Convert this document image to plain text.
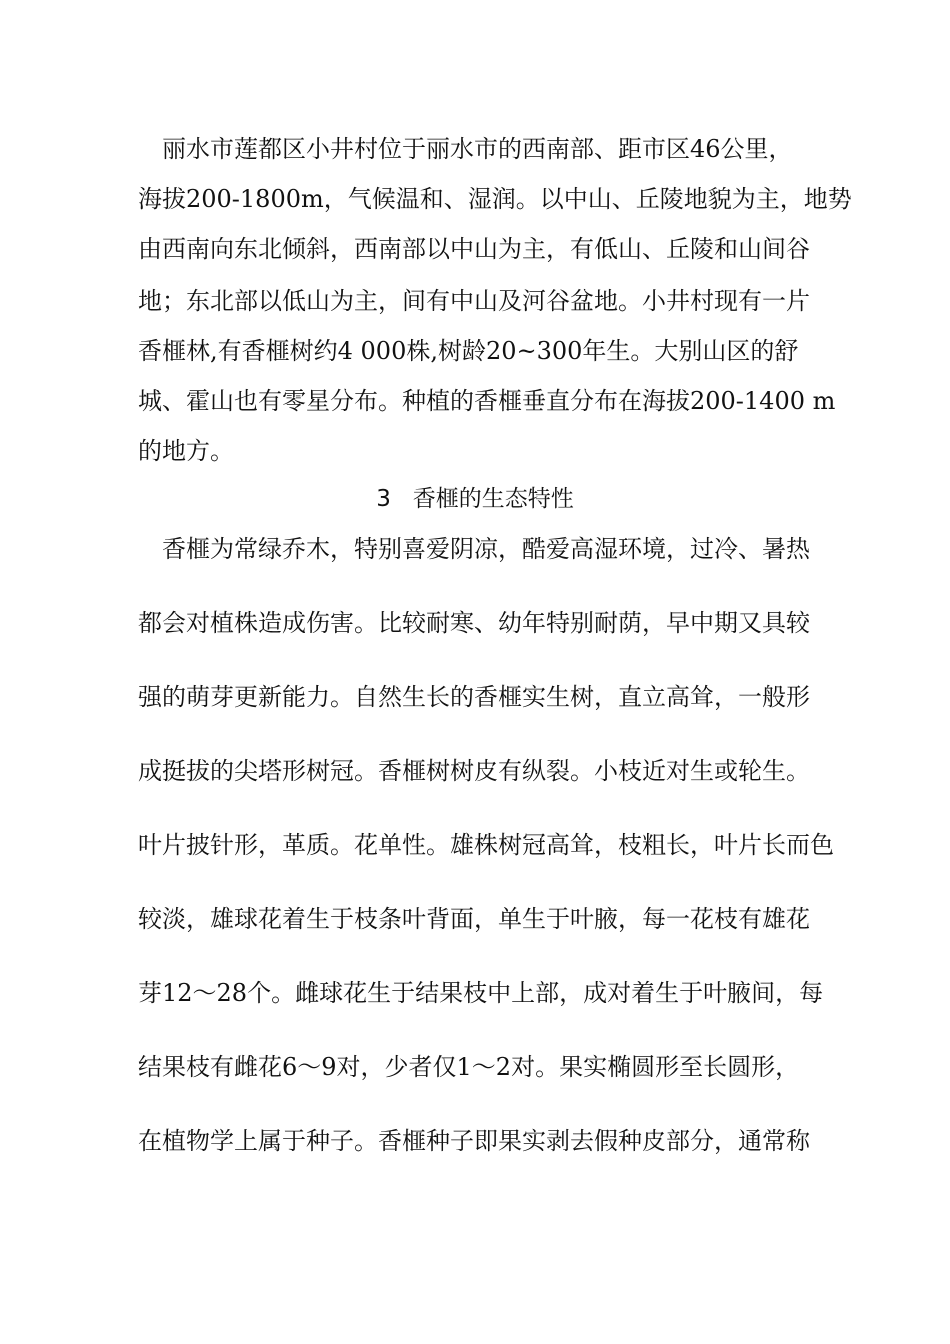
　丽水市莲都区小井村位于丽水市的西南部、距市区46公里，
海拔200-1800m，气候温和、湿润。以中山、丘陵地貌为主，地势
由西南向东北倾斜，西南部以中山为主，有低山、丘陵和山间谷
地；东北部以低山为主，间有中山及河谷盆地。小井村现有一片
香榧林,有香榧树约4 000株,树龄20~300年生。大别山区的舒
城、霍山也有零星分布。种植的香榧垂直分布在海拔200-1400 m
的地方。
3   香榧的生态特性
　香榧为常绿乔木，特别喜爱阴凉，酷爱高湿环境，过冷、暑热
都会对植株造成伤害。比较耐寒、幼年特别耐荫，早中期又具较
强的萌芽更新能力。自然生长的香榧实生树，直立高耸，一般形
成挺拔的尖塔形树冠。香榧树树皮有纵裂。小枝近对生或轮生。
叶片披针形，革质。花单性。雄株树冠高耸，枝粗长，叶片长而色
较淡，雄球花着生于枝条叶背面，单生于叶腋，每一花枝有雄花
芽12～28个。雌球花生于结果枝中上部，成对着生于叶腋间，每
结果枝有雌花6～9对，少者仅1～2对。果实椭圆形至长圆形，
在植物学上属于种子。香榧种子即果实剥去假种皮部分，通常称
